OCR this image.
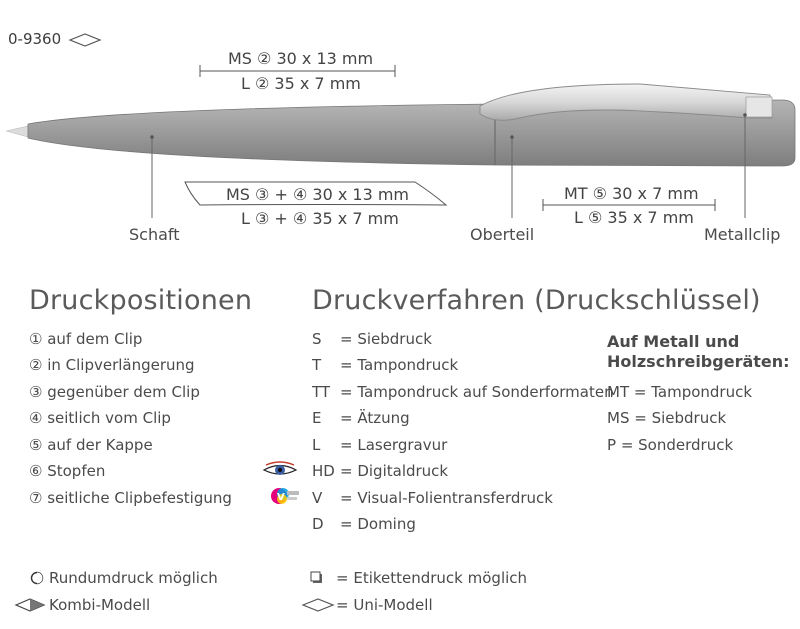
0-9360
MS ② 30 x 13 mm
L ② 35 x 7 mm
MS ③ + ④ 30 x 13 mm
L ③ + ④ 35 x 7 mm
MT ⑤ 30 x 7 mm
L ⑤ 35 x 7 mm
Schaft	Oberteil	Metallclip
Druckpositionen
① auf dem Clip
② in Clipverlängerung
③ gegenüber dem Clip
④ seitlich vom Clip
⑤ auf der Kappe
⑥ Stopfen
⑦ seitliche Clipbefestigung
Druckverfahren (Druckschlüssel)
S = Siebdruck
T = Tampondruck
TT = Tampondruck auf Sonderformaten
E = Ätzung
L = Lasergravur
HD = Digitaldruck
V = Visual-Folientransferdruck
D = Doming
V
Auf Metall und
Holzschreibgeräten:
MT = Tampondruck
MS = Siebdruck
P = Sonderdruck
Rundumdruck möglich
Kombi-Modell
= Etikettendruck möglich
= Uni-Modell
